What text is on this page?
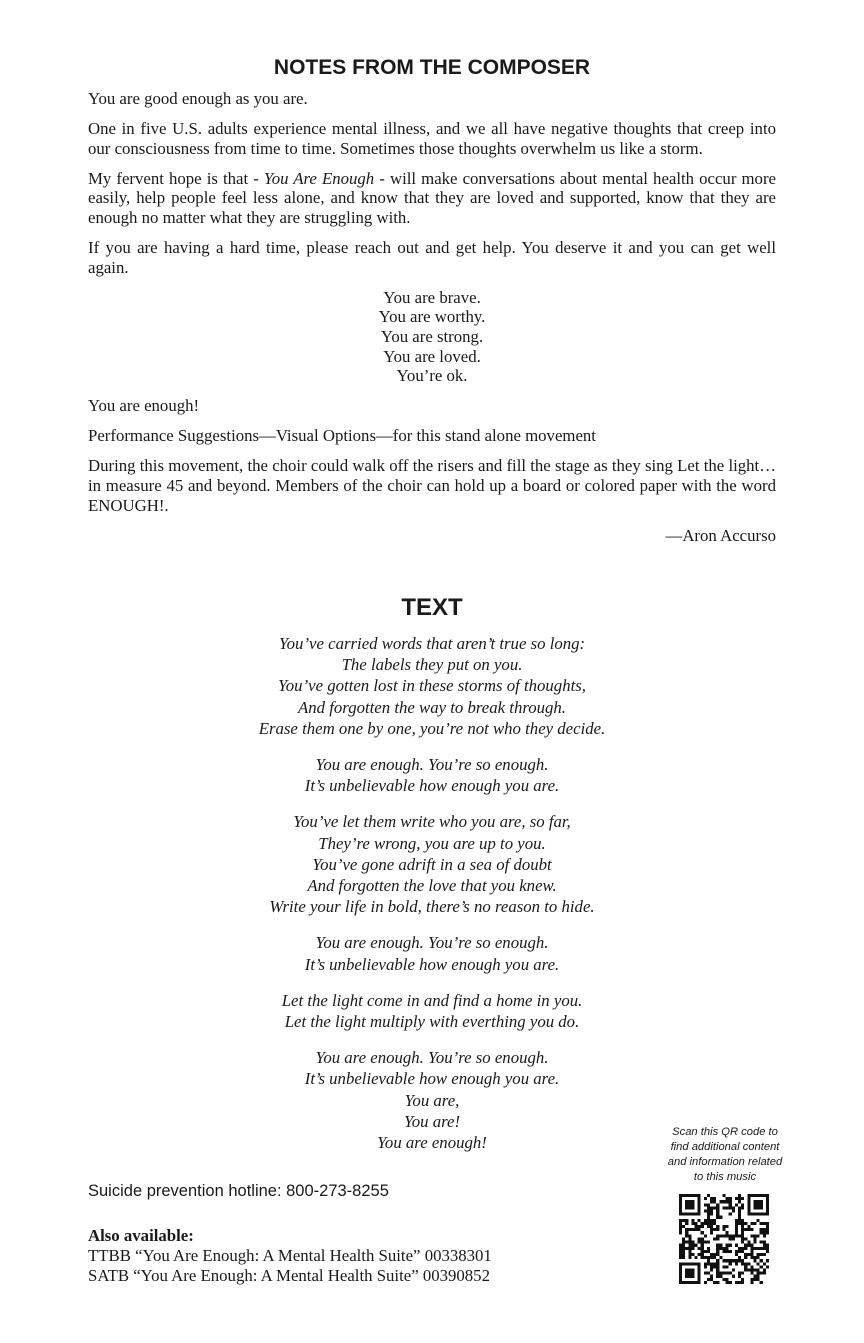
NOTES FROM THE COMPOSER

You are good enough as you are.

One in five U.S. adults experience mental illness, and we all have negative thoughts that creep into our consciousness from time to time. Sometimes those thoughts overwhelm us like a storm.

My fervent hope is that - You Are Enough - will make conversations about mental health occur more easily, help people feel less alone, and know that they are loved and supported, know that they are enough no matter what they are struggling with.

If you are having a hard time, please reach out and get help. You deserve it and you can get well again.

You are brave.
You are worthy.
You are strong.
You are loved.
You’re ok.

You are enough!

Performance Suggestions—Visual Options—for this stand alone movement

During this movement, the choir could walk off the risers and fill the stage as they sing Let the light… in measure 45 and beyond. Members of the choir can hold up a board or colored paper with the word ENOUGH!.

—Aron Accurso

TEXT
You’ve carried words that aren’t true so long:
The labels they put on you.
You’ve gotten lost in these storms of thoughts,
And forgotten the way to break through.
Erase them one by one, you’re not who they decide.
You are enough. You’re so enough.
It’s unbelievable how enough you are.
You’ve let them write who you are, so far,
They’re wrong, you are up to you.
You’ve gone adrift in a sea of doubt
And forgotten the love that you knew.
Write your life in bold, there’s no reason to hide.
You are enough. You’re so enough.
It’s unbelievable how enough you are.
Let the light come in and find a home in you.
Let the light multiply with everthing you do.
You are enough. You’re so enough.
It’s unbelievable how enough you are.
You are,
You are!
You are enough!
Suicide prevention hotline: 800-273-8255
Also available:
TTBB “You Are Enough: A Mental Health Suite” 00338301
SATB “You Are Enough: A Mental Health Suite” 00390852
Scan this QR code to
find additional content
and information related
to this music
